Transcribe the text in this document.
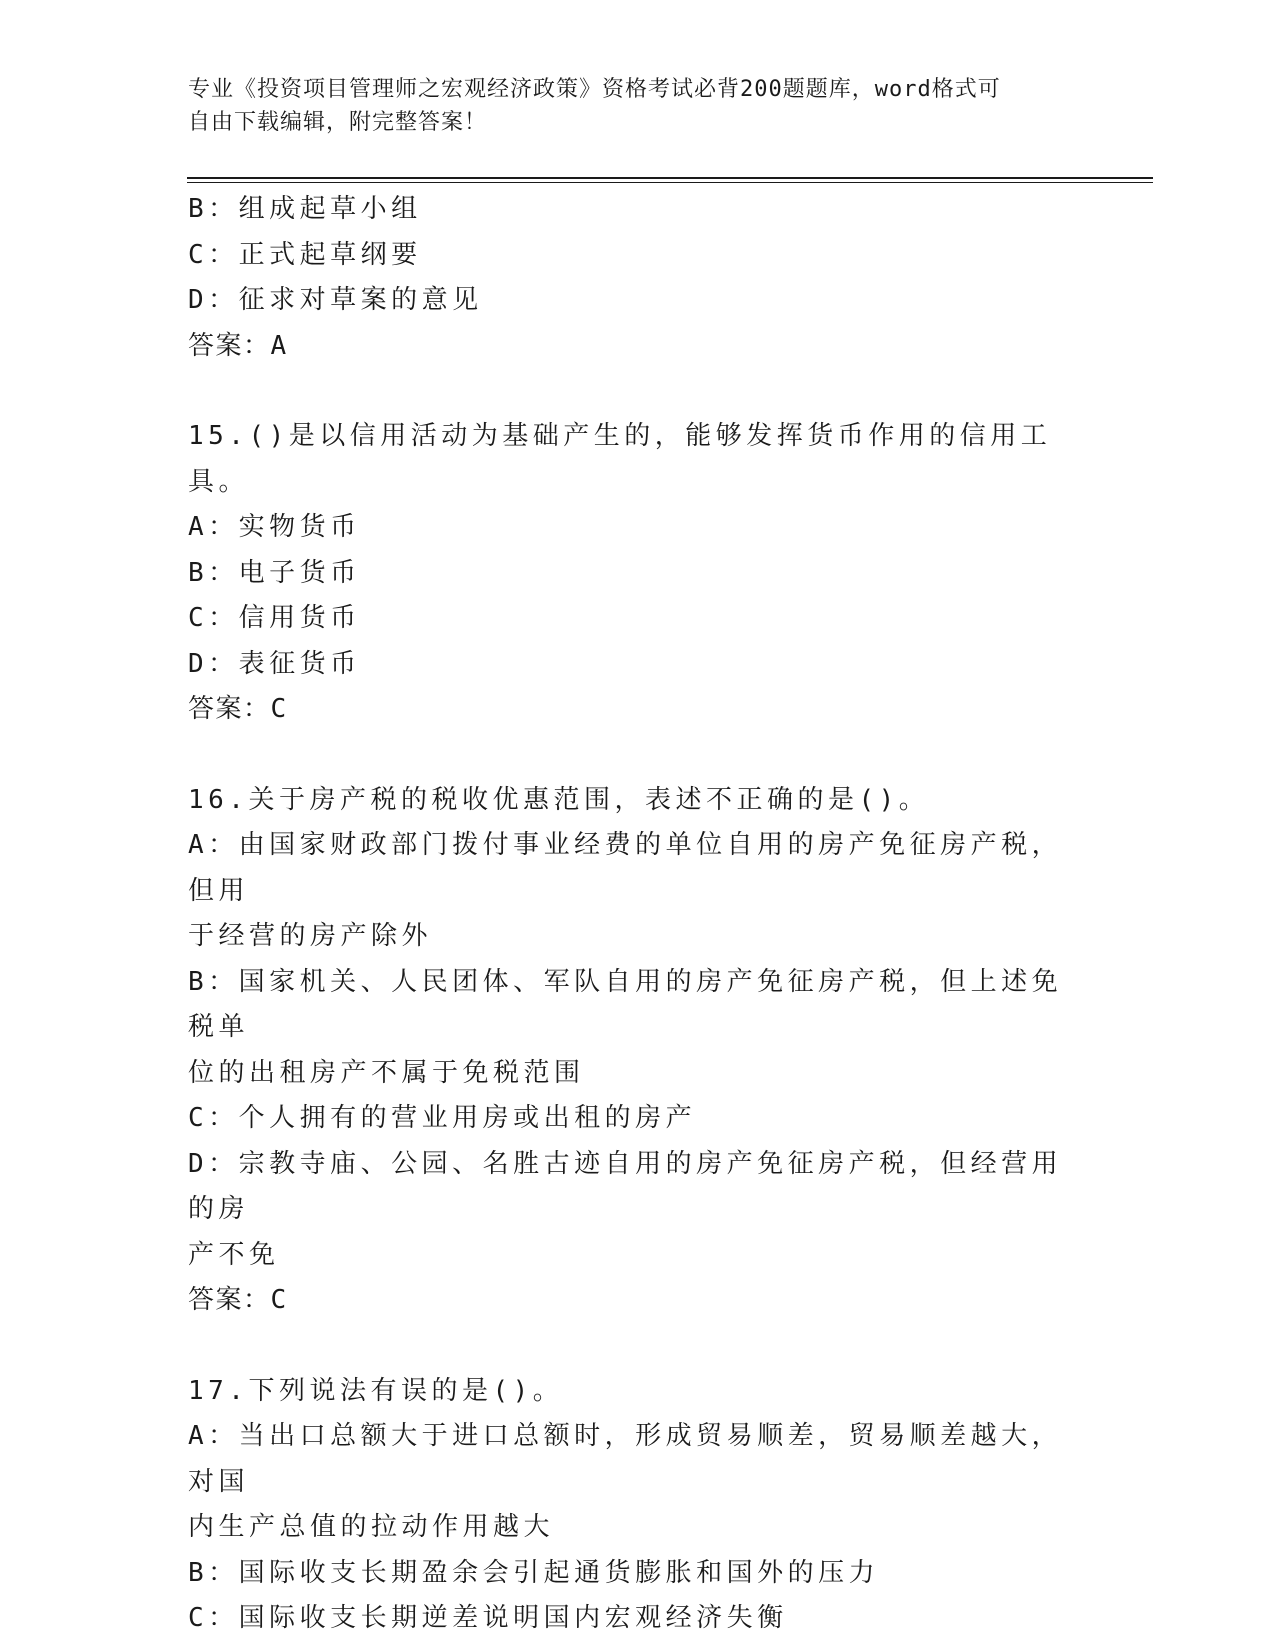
专业《投资项目管理师之宏观经济政策》资格考试必背200题题库，word格式可
自由下载编辑，附完整答案！
B：组成起草小组
C：正式起草纲要
D：征求对草案的意见
答案：A
15.()是以信用活动为基础产生的，能够发挥货币作用的信用工具。
A：实物货币
B：电子货币
C：信用货币
D：表征货币
答案：C
16.关于房产税的税收优惠范围，表述不正确的是()。
A：由国家财政部门拨付事业经费的单位自用的房产免征房产税，但用
于经营的房产除外
B：国家机关、人民团体、军队自用的房产免征房产税，但上述免税单
位的出租房产不属于免税范围
C：个人拥有的营业用房或出租的房产
D：宗教寺庙、公园、名胜古迹自用的房产免征房产税，但经营用的房
产不免
答案：C
17.下列说法有误的是()。
A：当出口总额大于进口总额时，形成贸易顺差，贸易顺差越大，对国
内生产总值的拉动作用越大
B：国际收支长期盈余会引起通货膨胀和国外的压力
C：国际收支长期逆差说明国内宏观经济失衡
